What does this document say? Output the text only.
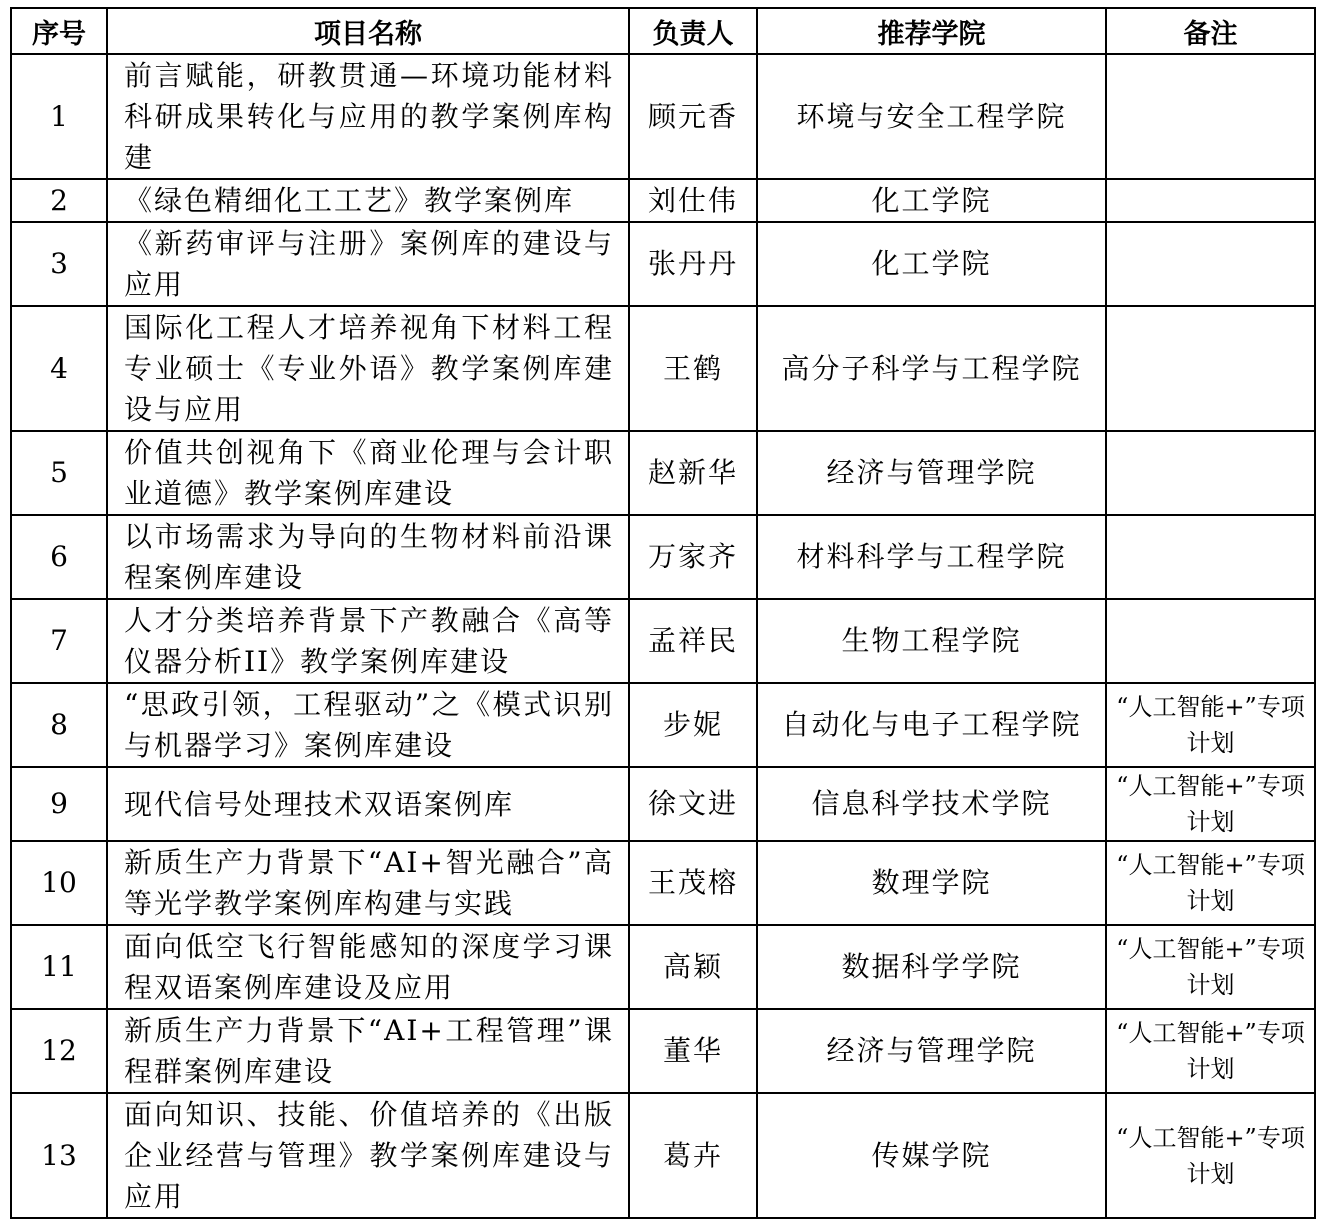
序号	项目名称	负责人	推荐学院	备注
1	前言赋能，研教贯通—环境功能材料科研成果转化与应用的教学案例库构建	顾元香	环境与安全工程学院	
2	《绿色精细化工工艺》教学案例库	刘仕伟	化工学院	
3	《新药审评与注册》案例库的建设与应用	张丹丹	化工学院	
4	国际化工程人才培养视角下材料工程专业硕士《专业外语》教学案例库建设与应用	王鹤	高分子科学与工程学院	
5	价值共创视角下《商业伦理与会计职业道德》教学案例库建设	赵新华	经济与管理学院	
6	以市场需求为导向的生物材料前沿课程案例库建设	万家齐	材料科学与工程学院	
7	人才分类培养背景下产教融合《高等仪器分析II》教学案例库建设	孟祥民	生物工程学院	
8	“思政引领，工程驱动”之《模式识别与机器学习》案例库建设	步妮	自动化与电子工程学院	“人工智能+”专项计划
9	现代信号处理技术双语案例库	徐文进	信息科学技术学院	“人工智能+”专项计划
10	新质生产力背景下“AI+智光融合”高等光学教学案例库构建与实践	王茂榕	数理学院	“人工智能+”专项计划
11	面向低空飞行智能感知的深度学习课程双语案例库建设及应用	高颖	数据科学学院	“人工智能+”专项计划
12	新质生产力背景下“AI+工程管理”课程群案例库建设	董华	经济与管理学院	“人工智能+”专项计划
13	面向知识、技能、价值培养的《出版企业经营与管理》教学案例库建设与应用	葛卉	传媒学院	“人工智能+”专项计划
